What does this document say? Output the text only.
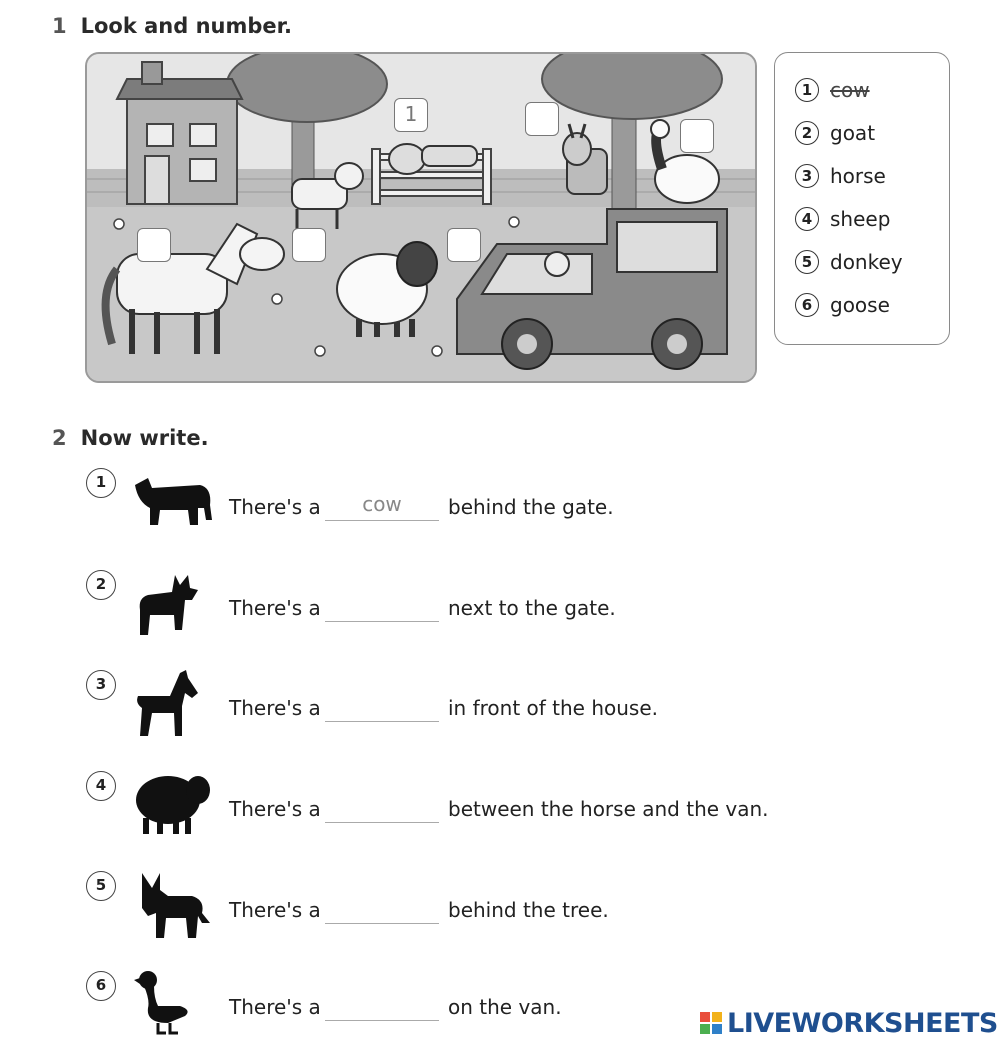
1 Look and number.
1
1 cow
2 goat
3 horse
4 sheep
5 donkey
6 goose
2 Now write.
1
There's a	cow	behind the gate.
2
There's a	next to the gate.
3
There's a	in front of the house.
4
There's a	between the horse and the van.
5
There's a	behind the tree.
6
There's a	on the van.
LIVEWORKSHEETS
